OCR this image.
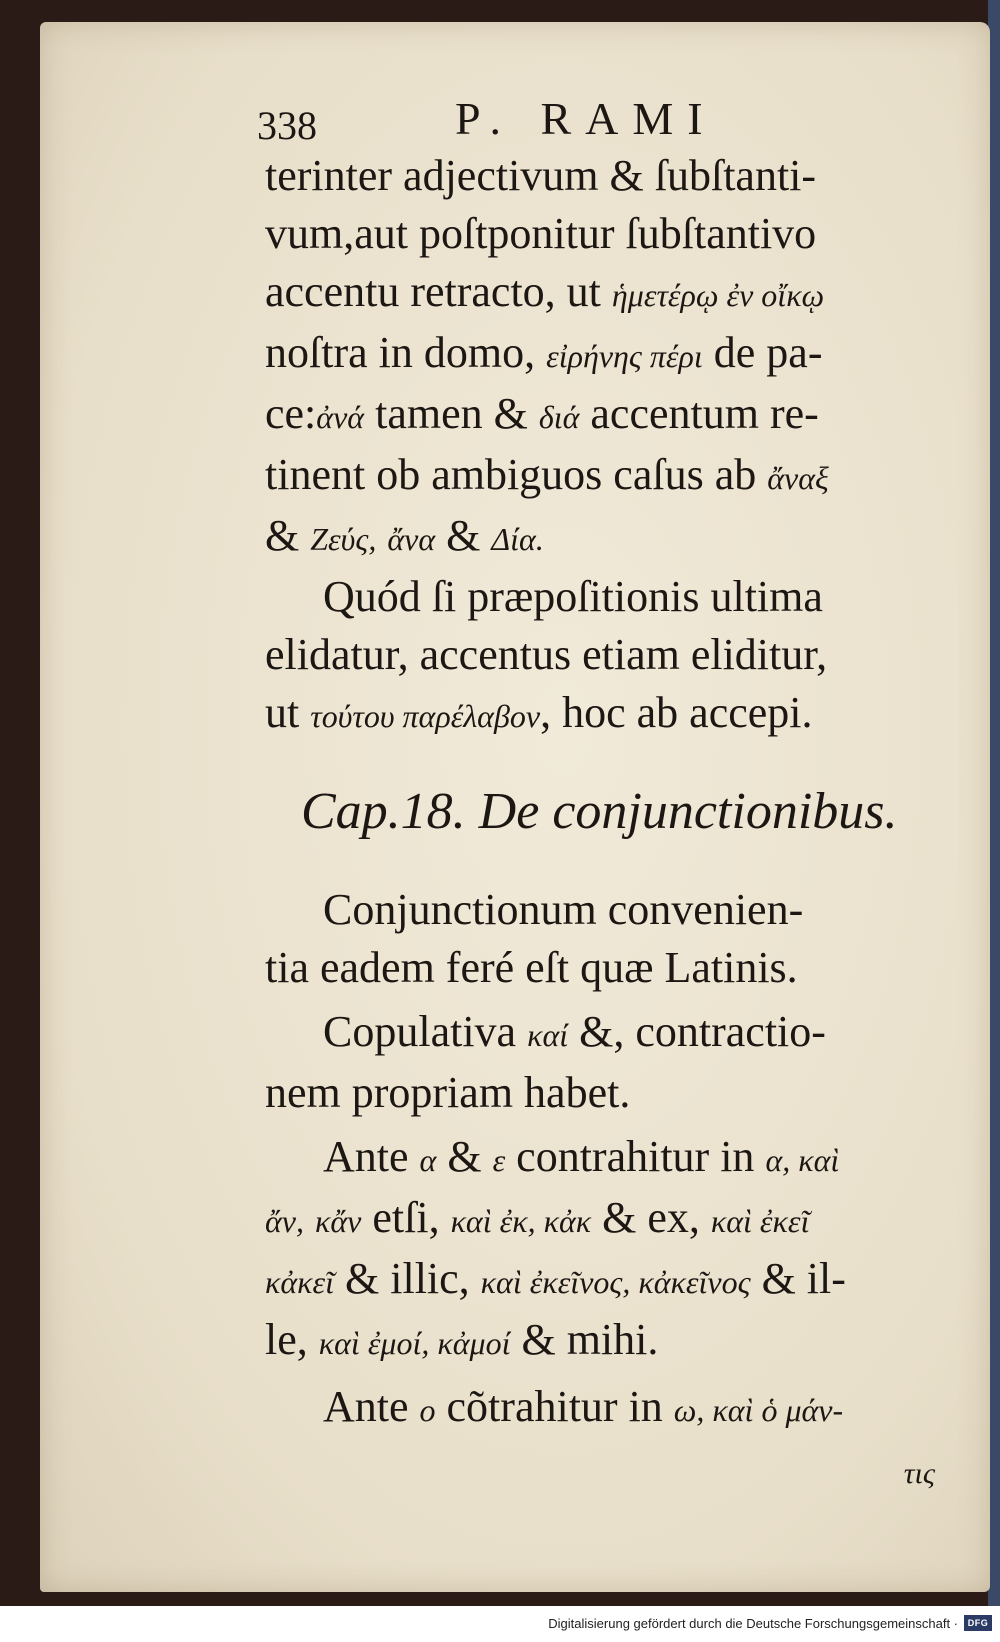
338	P. RAMI
terinter adjectivum & ſubſtanti-
vum,aut poſtponitur ſubſtantivo
accentu retracto, ut ἡμετέρῳ ἐν οἴκῳ
noſtra in domo, εἰρήνης πέρι de pa-
ce:ἀνά tamen & διά accentum re-
tinent ob ambiguos caſus ab ἄναξ
& Ζεύς, ἄνα & Δία.
Quód ſi præpoſitionis ultima
elidatur, accentus etiam eliditur,
ut τούτου παρέλαβον, hoc ab accepi.
Cap.18. De conjunctionibus.
Conjunctionum convenien-
tia eadem feré eſt quæ Latinis.
Copulativa καί &, contractio-
nem propriam habet.
Ante α & ε contrahitur in α, καὶ
ἄν, κἄν etſi, καὶ ἐκ, κἀκ & ex, καὶ ἐκεῖ
κἀκεῖ & illic, καὶ ἐκεῖνος, κἀκεῖνος & il-
le, καὶ ἐμοί, κἀμοί & mihi.
Ante ο cõtrahitur in ω, καὶ ὁ μάν-
τις
Digitalisierung gefördert durch die Deutsche Forschungsgemeinschaft ·	DFG
